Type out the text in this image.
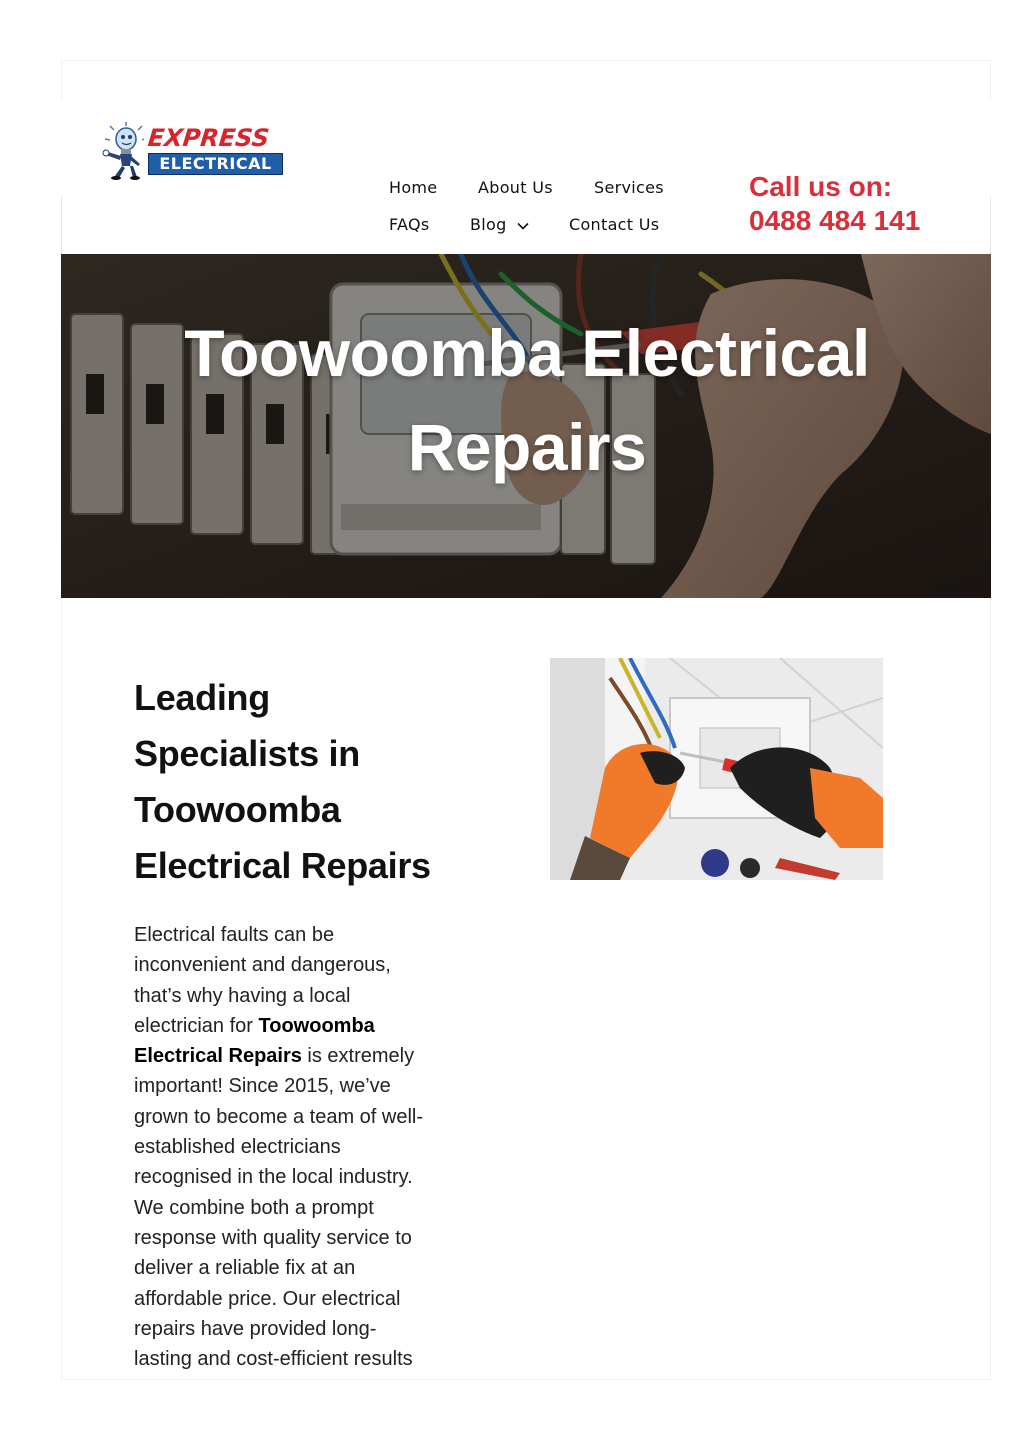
EXPRESS
ELECTRICAL
Home	About Us	Services
FAQs	Blog	Contact Us
Call us on:
0488 484 141
Toowoomba Electrical
Repairs
Leading
Specialists in
Toowoomba
Electrical Repairs
Electrical faults can be
inconvenient and dangerous,
that’s why having a local
electrician for Toowoomba
Electrical Repairs is extremely
important! Since 2015, we’ve
grown to become a team of well-
established electricians
recognised in the local industry.
We combine both a prompt
response with quality service to
deliver a reliable fix at an
affordable price. Our electrical
repairs have provided long-
lasting and cost-efficient results
